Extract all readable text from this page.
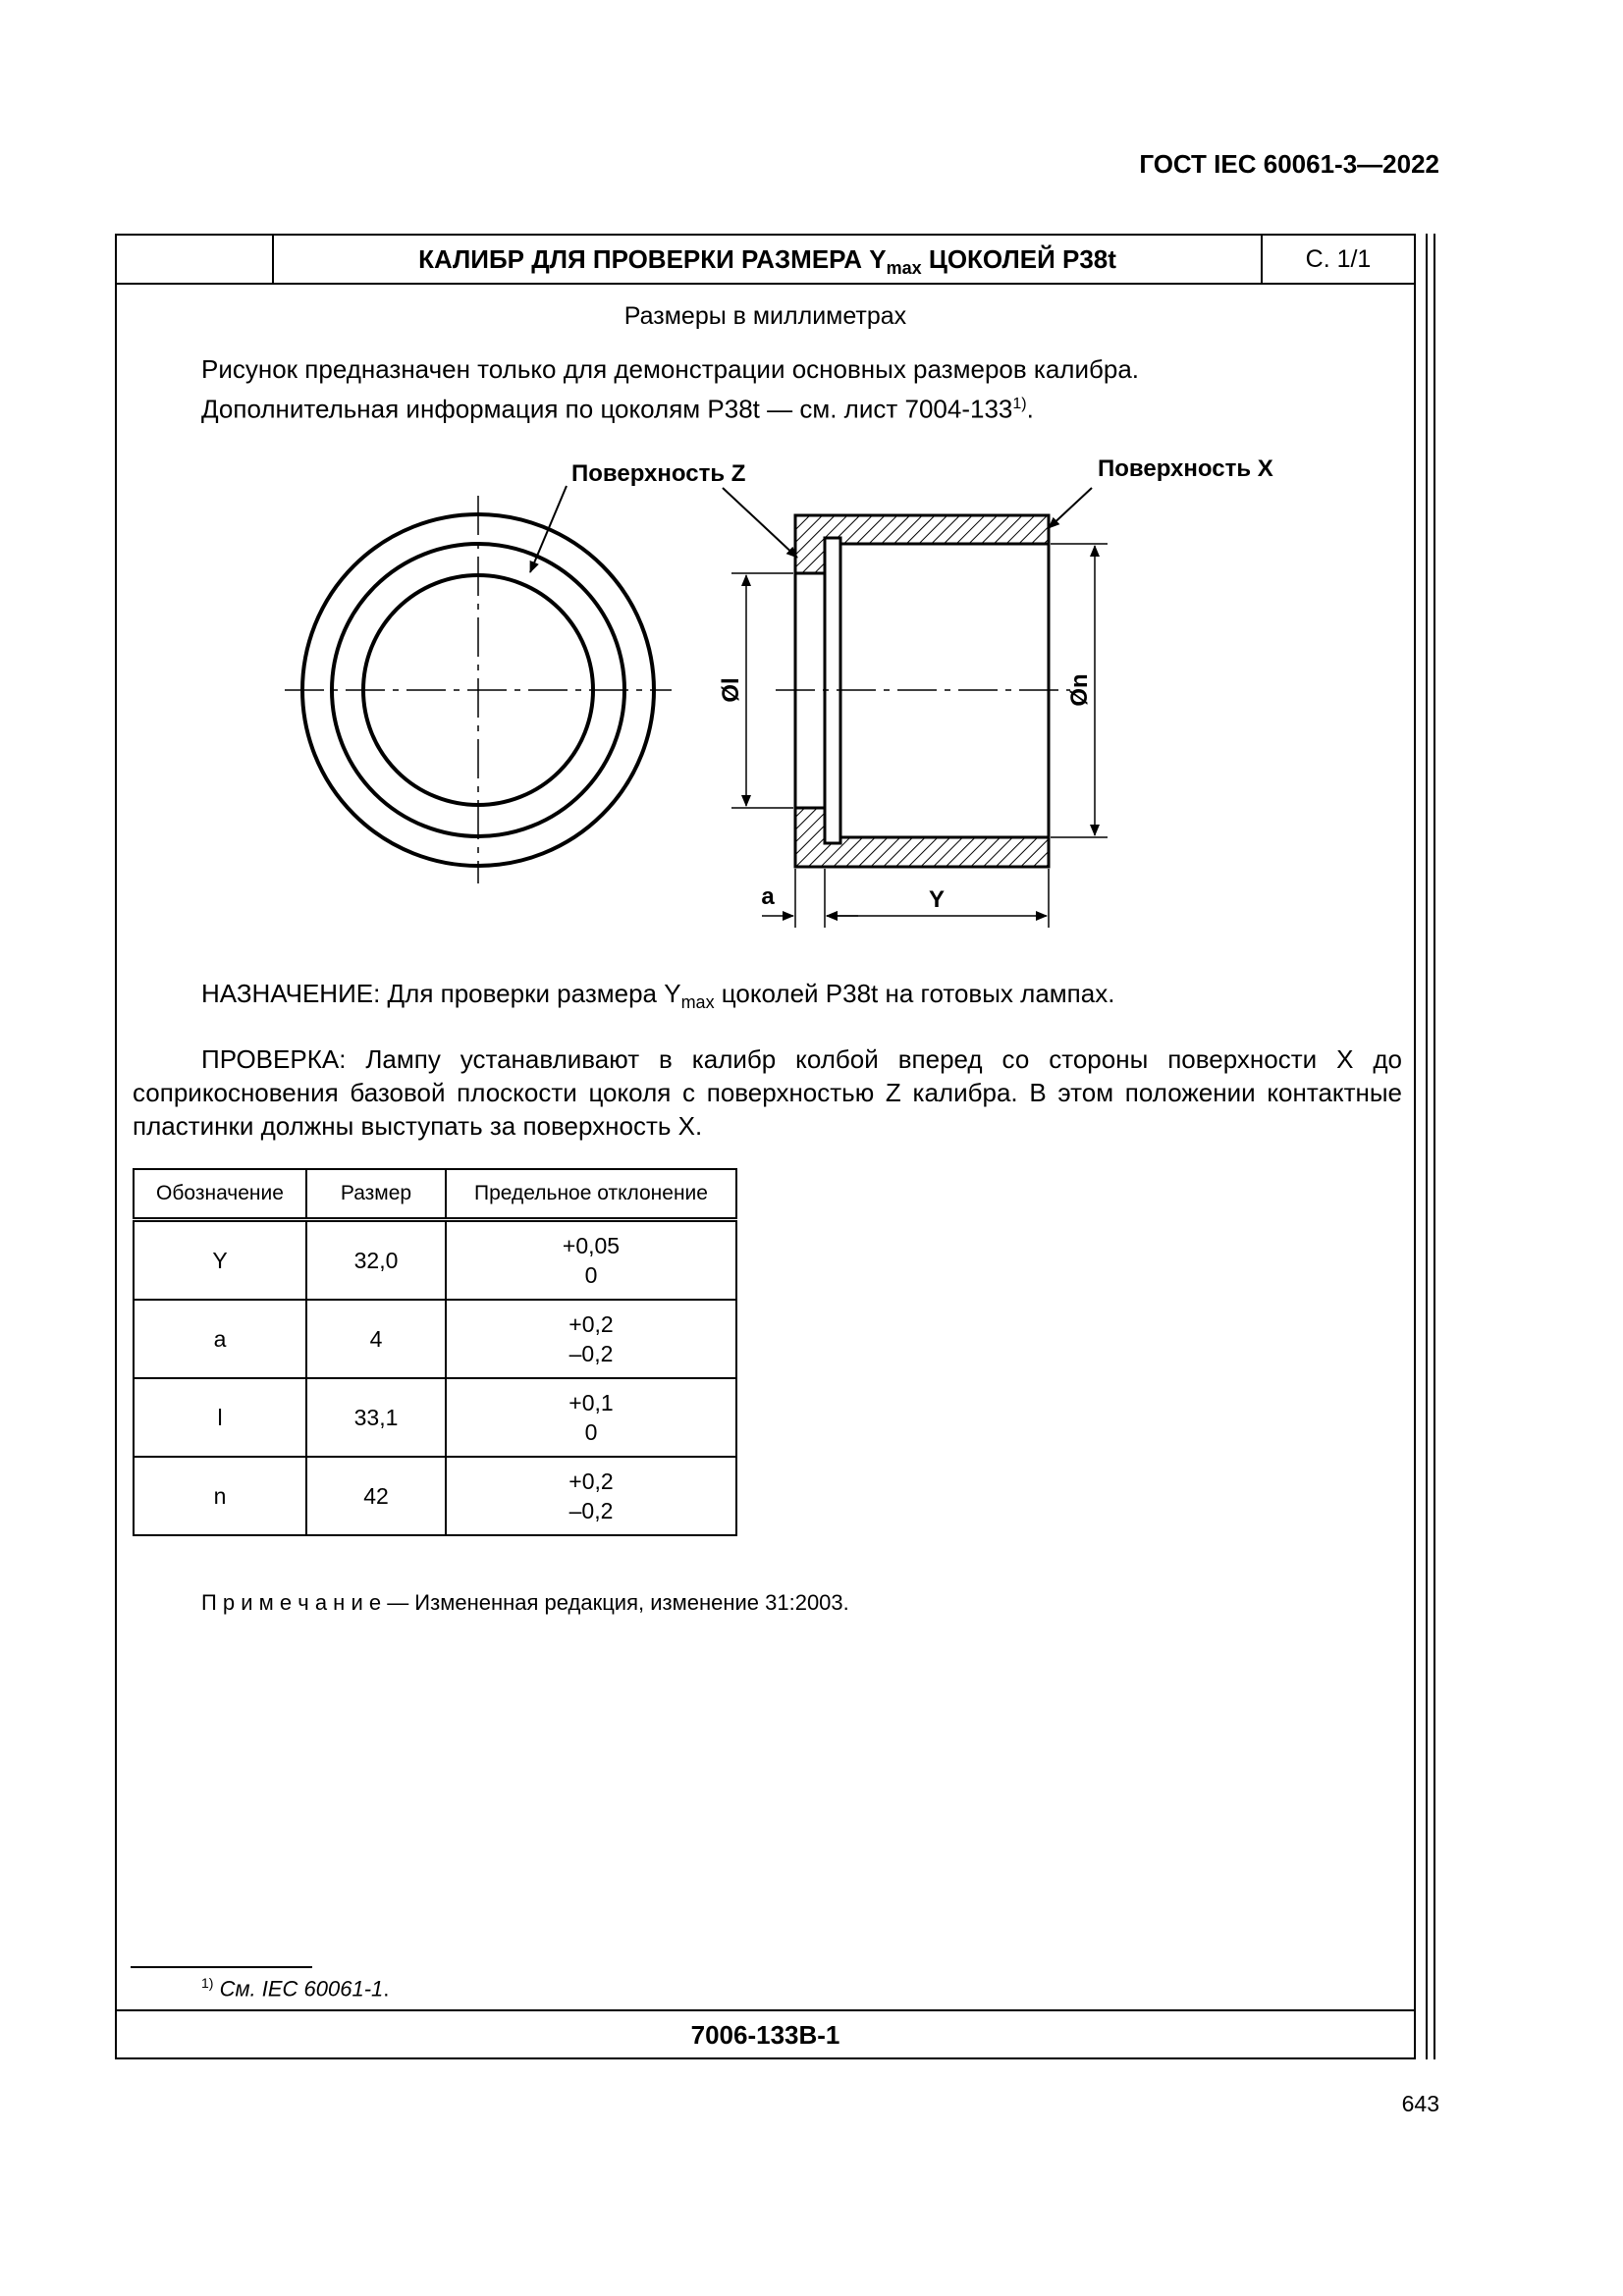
ГОСТ IEC 60061-3—2022
КАЛИБР ДЛЯ ПРОВЕРКИ РАЗМЕРА $Y_{max}$ ЦОКОЛЕЙ P38t	С. 1/1
Размеры в миллиметрах
Рисунок предназначен только для демонстрации основных размеров калибра.
Дополнительная информация по цоколям P38t — см. лист 7004-133$^{1)}$.
Поверхность Z	Поверхность X
Øl	Øn
a	Y
НАЗНАЧЕНИЕ: Для проверки размера $Y_{max}$ цоколей P38t на готовых лампах.

ПРОВЕРКА: Лампу устанавливают в калибр колбой вперед со стороны поверхности X до соприкосновения базовой плоскости цоколя с поверхностью Z калибра. В этом положении контактные пластинки должны выступать за поверхность X.

Обозначение	Размер	Предельное отклонение
Y	32,0	+0,05
0

a	4	+0,2
–0,2

l	33,1	+0,1
0

n	42	+0,2
–0,2
П р и м е ч а н и е — Измененная редакция, изменение 31:2003.
$^{1)}$ См. IEC 60061-1.
7006-133B-1
643
